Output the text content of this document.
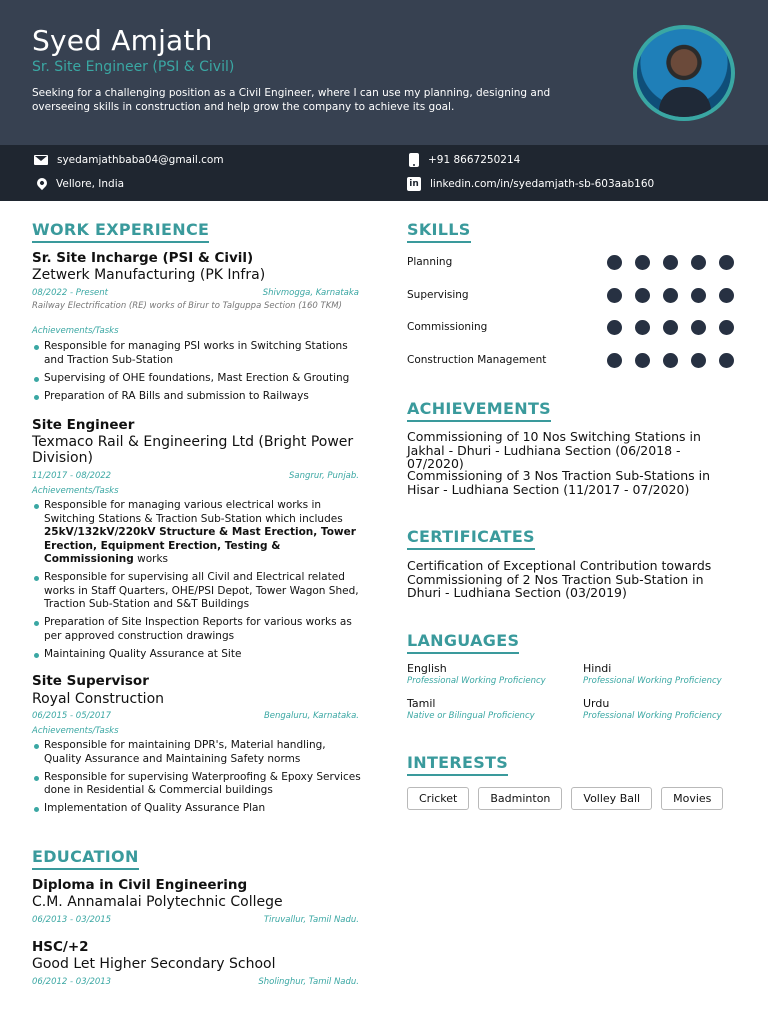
Syed Amjath
Sr. Site Engineer (PSI & Civil)
Seeking for a challenging position as a Civil Engineer, where I can use my planning, designing and overseeing skills in construction and help grow the company to achieve its goal.
syedamjathbaba04@gmail.com	+91 8667250214
Vellore, India	in linkedin.com/in/syedamjath-sb-603aab160
WORK EXPERIENCE
Sr. Site Incharge (PSI & Civil)
Zetwerk Manufacturing (PK Infra)
08/2022 - Present	Shivmogga, Karnataka
Railway Electrification (RE) works of Birur to Talguppa Section (160 TKM)
Achievements/Tasks
Responsible for managing PSI works in Switching Stations and Traction Sub-Station
Supervising of OHE foundations, Mast Erection & Grouting
Preparation of RA Bills and submission to Railways
Site Engineer
Texmaco Rail & Engineering Ltd (Bright Power Division)
11/2017 - 08/2022	Sangrur, Punjab.
Achievements/Tasks
Responsible for managing various electrical works in Switching Stations & Traction Sub-Station which includes 25kV/132kV/220kV Structure & Mast Erection, Tower Erection, Equipment Erection, Testing & Commissioning works
Responsible for supervising all Civil and Electrical related works in Staff Quarters, OHE/PSI Depot, Tower Wagon Shed, Traction Sub-Station and S&T Buildings
Preparation of Site Inspection Reports for various works as per approved construction drawings
Maintaining Quality Assurance at Site
Site Supervisor
Royal Construction
06/2015 - 05/2017	Bengaluru, Karnataka.
Achievements/Tasks
Responsible for maintaining DPR's, Material handling, Quality Assurance and Maintaining Safety norms
Responsible for supervising Waterproofing & Epoxy Services done in Residential & Commercial buildings
Implementation of Quality Assurance Plan
EDUCATION
Diploma in Civil Engineering
C.M. Annamalai Polytechnic College
06/2013 - 03/2015	Tiruvallur, Tamil Nadu.
HSC/+2
Good Let Higher Secondary School
06/2012 - 03/2013	Sholinghur, Tamil Nadu.
SKILLS
Planning
Supervising
Commissioning
Construction Management
ACHIEVEMENTS
Commissioning of 10 Nos Switching Stations in Jakhal - Dhuri - Ludhiana Section (06/2018 - 07/2020)
Commissioning of 3 Nos Traction Sub-Stations in Hisar - Ludhiana Section (11/2017 - 07/2020)
CERTIFICATES
Certification of Exceptional Contribution towards Commissioning of 2 Nos Traction Sub-Station in Dhuri - Ludhiana Section (03/2019)
LANGUAGES
English
Professional Working Proficiency
Hindi
Professional Working Proficiency
Tamil
Native or Bilingual Proficiency
Urdu
Professional Working Proficiency
INTERESTS
Cricket	Badminton	Volley Ball	Movies
